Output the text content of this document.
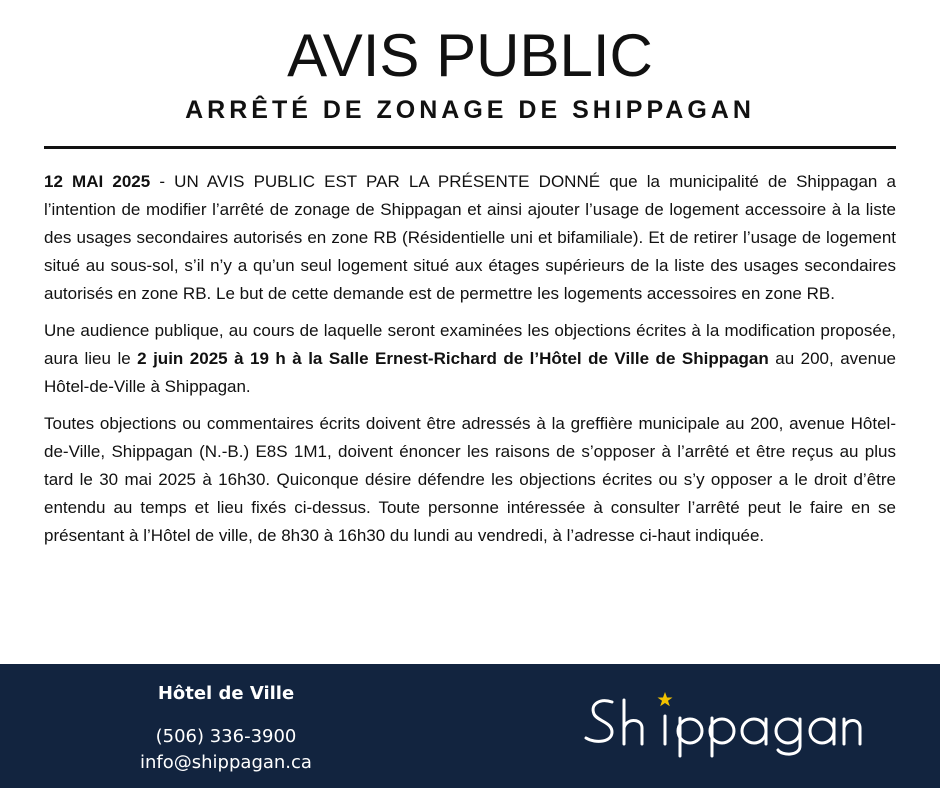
AVIS PUBLIC
ARRÊTÉ DE ZONAGE DE SHIPPAGAN

12 MAI 2025 - UN AVIS PUBLIC EST PAR LA PRÉSENTE DONNÉ que la municipalité de Shippagan a l’intention de modifier l’arrêté de zonage de Shippagan et ainsi ajouter l’usage de logement accessoire à la liste des usages secondaires autorisés en zone RB (Résidentielle uni et bifamiliale). Et de retirer l’usage de logement situé au sous-sol, s’il n’y a qu’un seul logement situé aux étages supérieurs de la liste des usages secondaires autorisés en zone RB. Le but de cette demande est de permettre les logements accessoires en zone RB.

Une audience publique, au cours de laquelle seront examinées les objections écrites à la modification proposée, aura lieu le 2 juin 2025 à 19 h à la Salle Ernest-Richard de l’Hôtel de Ville de Shippagan au 200, avenue Hôtel-de-Ville à Shippagan.

Toutes objections ou commentaires écrits doivent être adressés à la greffière municipale au 200, avenue Hôtel-de-Ville, Shippagan (N.-B.) E8S 1M1, doivent énoncer les raisons de s’opposer à l’arrêté et être reçus au plus tard le 30 mai 2025 à 16h30. Quiconque désire défendre les objections écrites ou s’y opposer a le droit d’être entendu au temps et lieu fixés ci-dessus. Toute personne intéressée à consulter l’arrêté peut le faire en se présentant à l’Hôtel de ville, de 8h30 à 16h30 du lundi au vendredi, à l’adresse ci-haut indiquée.

Hôtel de Ville
(506) 336-3900
info@shippagan.ca
